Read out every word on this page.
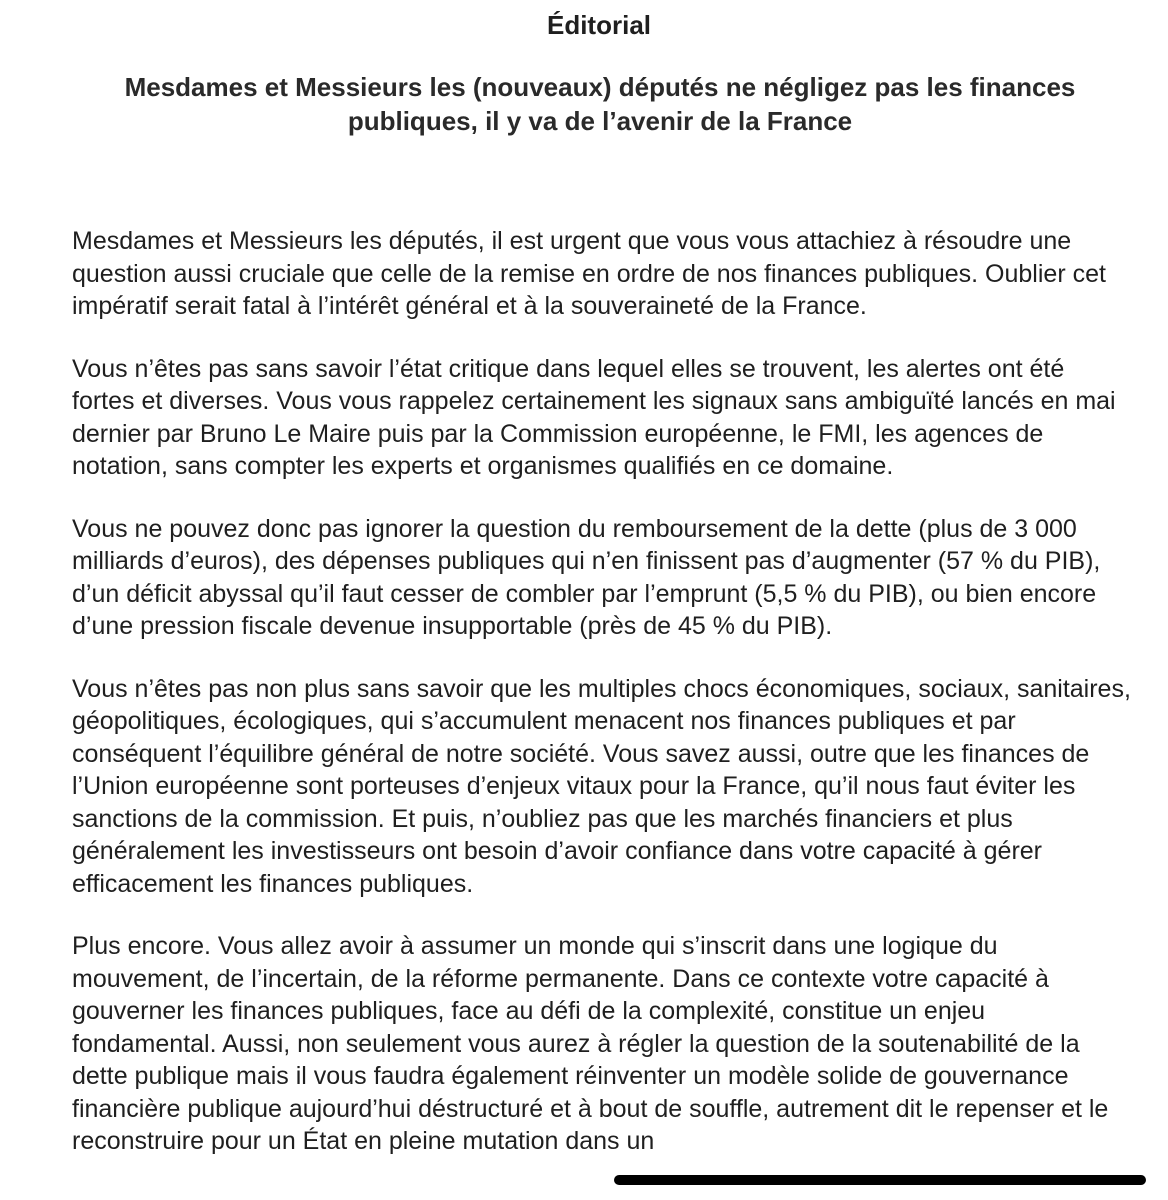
Éditorial
Mesdames et Messieurs les (nouveaux) députés ne négligez pas les finances publiques, il y va de l’avenir de la France

Mesdames et Messieurs les députés, il est urgent que vous vous attachiez à résoudre une question aussi cruciale que celle de la remise en ordre de nos finances publiques. Oublier cet impératif serait fatal à l’intérêt général et à la souveraineté de la France.

Vous n’êtes pas sans savoir l’état critique dans lequel elles se trouvent, les alertes ont été fortes et diverses. Vous vous rappelez certainement les signaux sans ambiguïté lancés en mai dernier par Bruno Le Maire puis par la Commission européenne, le FMI, les agences de notation, sans compter les experts et organismes qualifiés en ce domaine.

Vous ne pouvez donc pas ignorer la question du remboursement de la dette (plus de 3 000 milliards d’euros), des dépenses publiques qui n’en finissent pas d’augmenter (57 % du PIB), d’un déficit abyssal qu’il faut cesser de combler par l’emprunt (5,5 % du PIB), ou bien encore d’une pression fiscale devenue insupportable (près de 45 % du PIB).

Vous n’êtes pas non plus sans savoir que les multiples chocs économiques, sociaux, sanitaires, géopolitiques, écologiques, qui s’accumulent menacent nos finances publiques et par conséquent l’équilibre général de notre société. Vous savez aussi, outre que les finances de l’Union européenne sont porteuses d’enjeux vitaux pour la France, qu’il nous faut éviter les sanctions de la commission. Et puis, n’oubliez pas que les marchés financiers et plus généralement les investisseurs ont besoin d’avoir confiance dans votre capacité à gérer efficacement les finances publiques.

Plus encore. Vous allez avoir à assumer un monde qui s’inscrit dans une logique du mouvement, de l’incertain, de la réforme permanente. Dans ce contexte votre capacité à gouverner les finances publiques, face au défi de la complexité, constitue un enjeu fondamental. Aussi, non seulement vous aurez à régler la question de la soutenabilité de la dette publique mais il vous faudra également réinventer un modèle solide de gouvernance financière publique aujourd’hui déstructuré et à bout de souffle, autrement dit le repenser et le reconstruire pour un État en pleine mutation dans un
